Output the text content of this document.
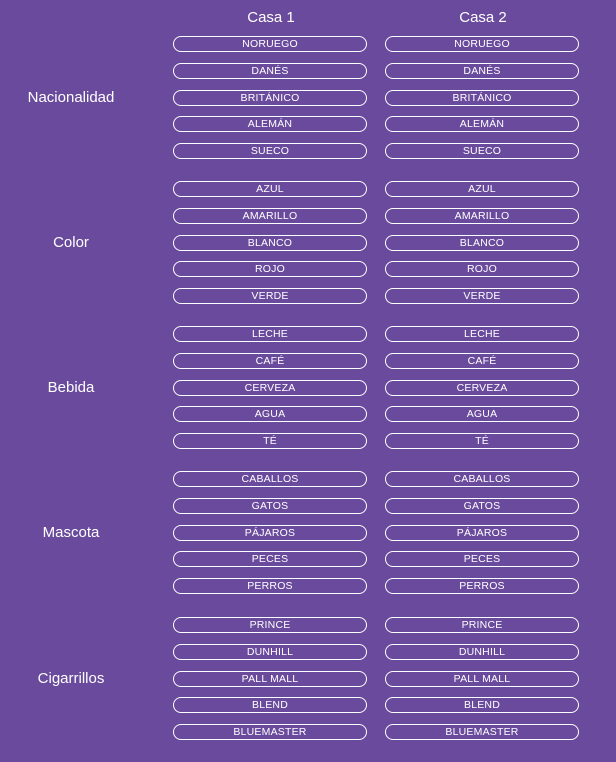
Casa 1	Casa 2
Nacionalidad
NORUEGO
DANÉS
BRITÁNICO
ALEMÁN
SUECO
NORUEGO
DANÉS
BRITÁNICO
ALEMÁN
SUECO
Color
AZUL
AMARILLO
BLANCO
ROJO
VERDE
AZUL
AMARILLO
BLANCO
ROJO
VERDE
Bebida
LECHE
CAFÉ
CERVEZA
AGUA
TÉ
LECHE
CAFÉ
CERVEZA
AGUA
TÉ
Mascota
CABALLOS
GATOS
PÁJAROS
PECES
PERROS
CABALLOS
GATOS
PÁJAROS
PECES
PERROS
Cigarrillos
PRINCE
DUNHILL
PALL MALL
BLEND
BLUEMASTER
PRINCE
DUNHILL
PALL MALL
BLEND
BLUEMASTER
